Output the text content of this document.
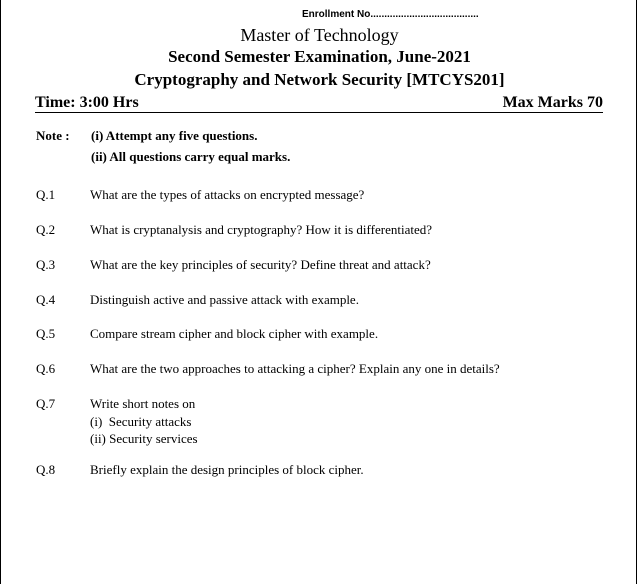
Enrollment No.......................................
Master of Technology
Second Semester Examination, June-2021
Cryptography and Network Security [MTCYS201]
Time: 3:00 Hrs	Max Marks 70
Note : (i) Attempt any five questions.
(ii) All questions carry equal marks.
Q.1	What are the types of attacks on encrypted message?
Q.2	What is cryptanalysis and cryptography? How it is differentiated?
Q.3	What are the key principles of security? Define threat and attack?
Q.4	Distinguish active and passive attack with example.
Q.5	Compare stream cipher and block cipher with example.
Q.6	What are the two approaches to attacking a cipher? Explain any one in details?
Q.7	Write short notes on
(i)  Security attacks
(ii) Security services
Q.8	Briefly explain the design principles of block cipher.
